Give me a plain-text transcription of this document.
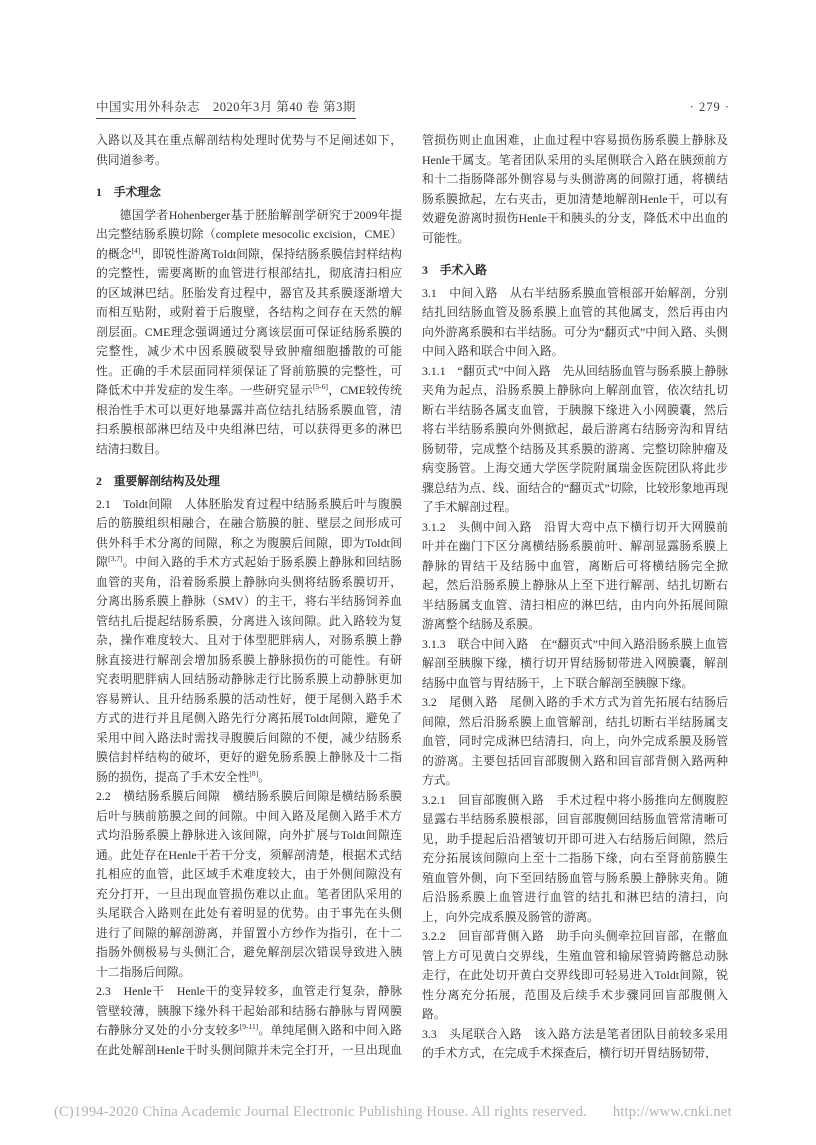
中国实用外科杂志　2020年3月 第40 卷 第3期	· 279 ·

入路以及其在重点解剖结构处理时优势与不足阐述如下，供同道参考。

1　手术理念

德国学者Hohenberger基于胚胎解剖学研究于2009年提出完整结肠系膜切除（complete mesocolic excision，CME）的概念[4]，即锐性游离Toldt间隙，保持结肠系膜信封样结构的完整性，需要离断的血管进行根部结扎，彻底清扫相应的区域淋巴结。胚胎发育过程中，器官及其系膜逐渐增大而相互贴附，或附着于后腹壁，各结构之间存在天然的解剖层面。CME理念强调通过分离该层面可保证结肠系膜的完整性，减少术中因系膜破裂导致肿瘤细胞播散的可能性。正确的手术层面同样须保证了肾前筋膜的完整性，可降低术中并发症的发生率。一些研究显示[5-6]，CME较传统根治性手术可以更好地暴露并高位结扎结肠系膜血管，清扫系膜根部淋巴结及中央组淋巴结，可以获得更多的淋巴结清扫数目。

2　重要解剖结构及处理

2.1　Toldt间隙　人体胚胎发育过程中结肠系膜后叶与腹膜后的筋膜组织相融合，在融合筋膜的脏、壁层之间形成可供外科手术分离的间隙，称之为腹膜后间隙，即为Toldt间隙[3,7]。中间入路的手术方式起始于肠系膜上静脉和回结肠血管的夹角，沿着肠系膜上静脉向头侧将结肠系膜切开，分离出肠系膜上静脉（SMV）的主干，将右半结肠饲养血管结扎后提起结肠系膜，分离进入该间隙。此入路较为复杂，操作难度较大、且对于体型肥胖病人，对肠系膜上静脉直接进行解剖会增加肠系膜上静脉损伤的可能性。有研究表明肥胖病人回结肠动静脉走行比肠系膜上动静脉更加容易辨认、且升结肠系膜的活动性好，便于尾侧入路手术方式的进行并且尾侧入路先行分离拓展Toldt间隙，避免了采用中间入路法时需找寻腹膜后间隙的不便，减少结肠系膜信封样结构的破坏，更好的避免肠系膜上静脉及十二指肠的损伤，提高了手术安全性[8]。

2.2　横结肠系膜后间隙　横结肠系膜后间隙是横结肠系膜后叶与胰前筋膜之间的间隙。中间入路及尾侧入路手术方式均沿肠系膜上静脉进入该间隙，向外扩展与Toldt间隙连通。此处存在Henle干若干分支，须解剖清楚，根据术式结扎相应的血管，此区域手术难度较大，由于外侧间隙没有充分打开，一旦出现血管损伤难以止血。笔者团队采用的头尾联合入路则在此处有着明显的优势。由于事先在头侧进行了间隙的解剖游离，并留置小方纱作为指引，在十二指肠外侧极易与头侧汇合，避免解剖层次错误导致进入胰十二指肠后间隙。

2.3　Henle干　Henle干的变异较多，血管走行复杂，静脉管壁较薄，胰腺下缘外科干起始部和结肠右静脉与胃网膜右静脉分叉处的小分支较多[9-11]。单纯尾侧入路和中间入路在此处解剖Henle干时头侧间隙并未完全打开，一旦出现血管损伤则止血困难，止血过程中容易损伤肠系膜上静脉及Henle干属支。笔者团队采用的头尾侧联合入路在胰颈前方和十二指肠降部外侧容易与头侧游离的间隙打通，将横结肠系膜掀起，左右夹击，更加清楚地解剖Henle干，可以有效避免游离时损伤Henle干和胰头的分支，降低术中出血的可能性。

3　手术入路

3.1　中间入路　从右半结肠系膜血管根部开始解剖，分别结扎回结肠血管及肠系膜上血管的其他属支，然后再由内向外游离系膜和右半结肠。可分为“翻页式”中间入路、头侧中间入路和联合中间入路。

3.1.1　“翻页式”中间入路　先从回结肠血管与肠系膜上静脉夹角为起点，沿肠系膜上静脉向上解剖血管，依次结扎切断右半结肠各属支血管，于胰腺下缘进入小网膜囊，然后将右半结肠系膜向外侧掀起，最后游离右结肠旁沟和胃结肠韧带，完成整个结肠及其系膜的游离、完整切除肿瘤及病变肠管。上海交通大学医学院附属瑞金医院团队将此步骤总结为点、线、面结合的“翻页式”切除，比较形象地再现了手术解剖过程。

3.1.2　头侧中间入路　沿胃大弯中点下横行切开大网膜前叶并在幽门下区分离横结肠系膜前叶、解剖显露肠系膜上静脉的胃结干及结肠中血管，离断后可将横结肠完全掀起，然后沿肠系膜上静脉从上至下进行解剖、结扎切断右半结肠属支血管、清扫相应的淋巴结，由内向外拓展间隙游离整个结肠及系膜。

3.1.3　联合中间入路　在“翻页式”中间入路沿肠系膜上血管解剖至胰腺下缘，横行切开胃结肠韧带进入网膜囊，解剖结肠中血管与胃结肠干，上下联合解剖至胰腺下缘。

3.2　尾侧入路　尾侧入路的手术方式为首先拓展右结肠后间隙，然后沿肠系膜上血管解剖，结扎切断右半结肠属支血管，同时完成淋巴结清扫，向上，向外完成系膜及肠管的游离。主要包括回盲部腹侧入路和回盲部背侧入路两种方式。

3.2.1　回盲部腹侧入路　手术过程中将小肠推向左侧腹腔显露右半结肠系膜根部，回盲部腹侧回结肠血管常清晰可见，助手提起后沿褶皱切开即可进入右结肠后间隙，然后充分拓展该间隙向上至十二指肠下缘，向右至肾前筋膜生殖血管外侧，向下至回结肠血管与肠系膜上静脉夹角。随后沿肠系膜上血管进行血管的结扎和淋巴结的清扫，向上，向外完成系膜及肠管的游离。

3.2.2　回盲部背侧入路　助手向头侧牵拉回盲部，在髂血管上方可见黄白交界线，生殖血管和输尿管骑跨髂总动脉走行，在此处切开黄白交界线即可轻易进入Toldt间隙，锐性分离充分拓展，范围及后续手术步骤同回盲部腹侧入路。

3.3　头尾联合入路　该入路方法是笔者团队目前较多采用的手术方式，在完成手术探查后，横行切开胃结肠韧带，

(C)1994-2020 China Academic Journal Electronic Publishing House. All rights reserved. http://www.cnki.net
